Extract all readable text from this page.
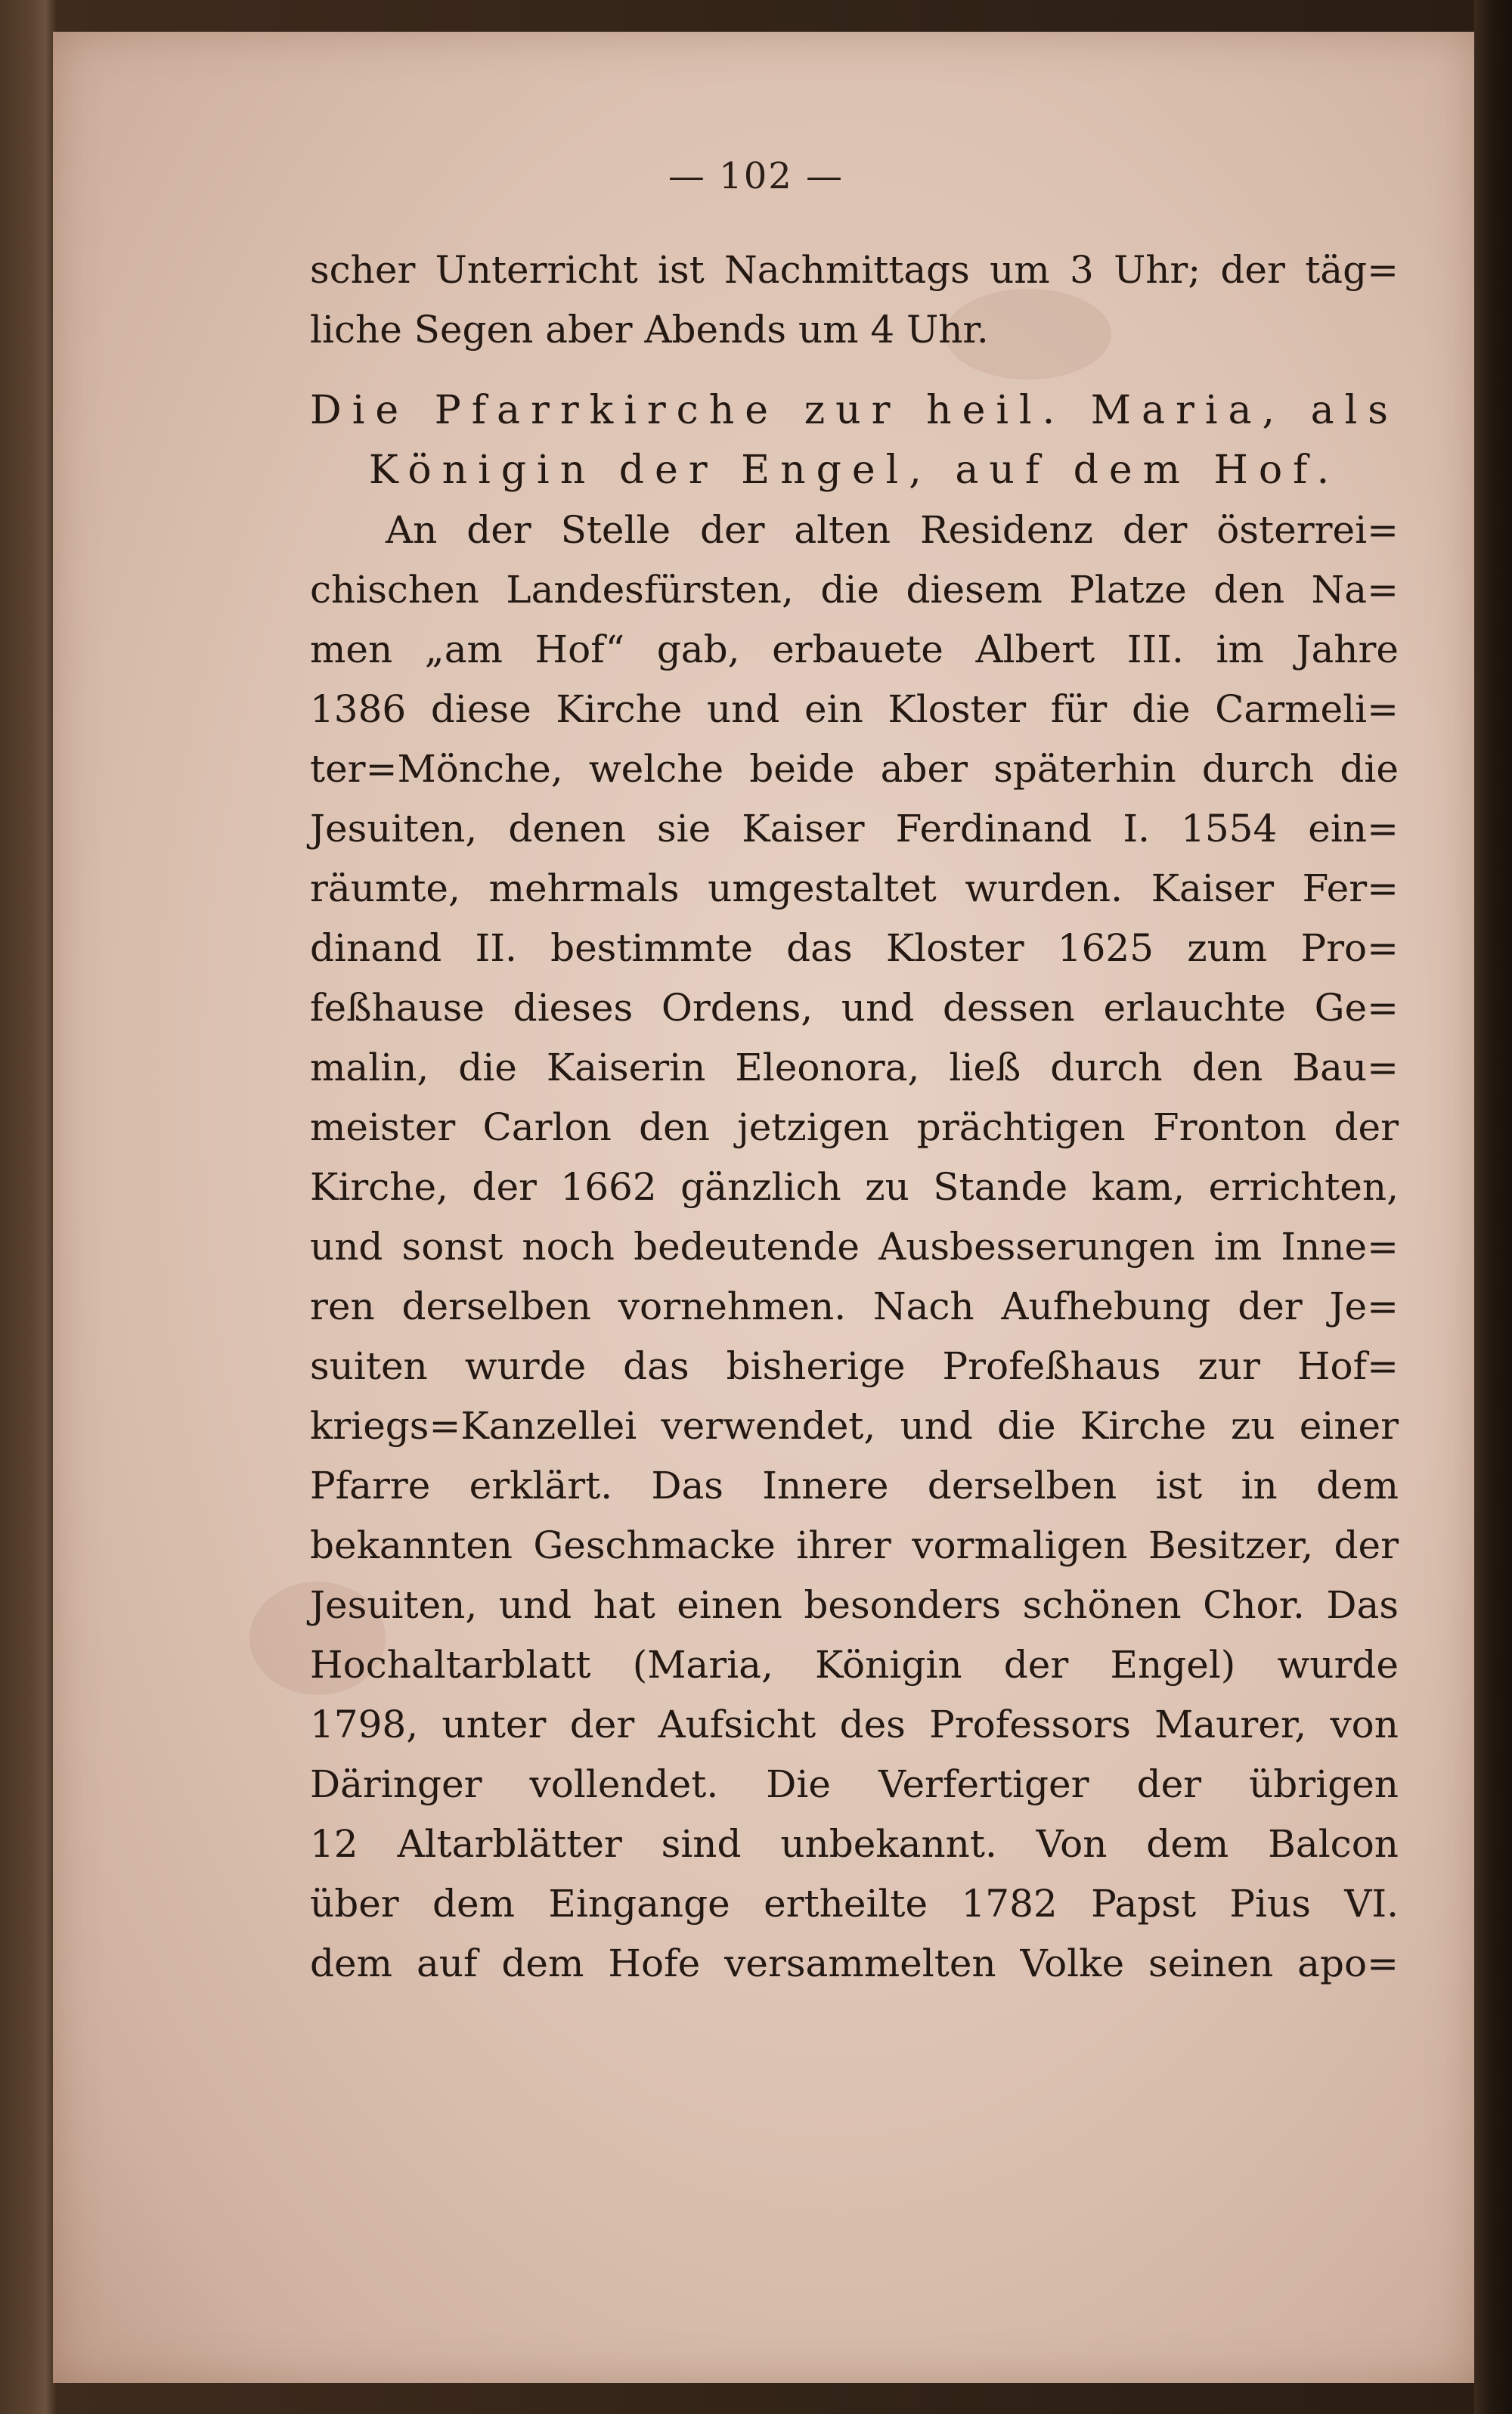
— 102 —
scher Unterricht ist Nachmittags um 3 Uhr; der täg=
liche Segen aber Abends um 4 Uhr.
Die Pfarrkirche zur heil. Maria, als
Königin der Engel, auf dem Hof.
An der Stelle der alten Residenz der österrei=
chischen Landesfürsten, die diesem Platze den Na=
men „am Hof“ gab, erbauete Albert III. im Jahre
1386 diese Kirche und ein Kloster für die Carmeli=
ter=Mönche, welche beide aber späterhin durch die
Jesuiten, denen sie Kaiser Ferdinand I. 1554 ein=
räumte, mehrmals umgestaltet wurden. Kaiser Fer=
dinand II. bestimmte das Kloster 1625 zum Pro=
feßhause dieses Ordens, und dessen erlauchte Ge=
malin, die Kaiserin Eleonora, ließ durch den Bau=
meister Carlon den jetzigen prächtigen Fronton der
Kirche, der 1662 gänzlich zu Stande kam, errichten,
und sonst noch bedeutende Ausbesserungen im Inne=
ren derselben vornehmen. Nach Aufhebung der Je=
suiten wurde das bisherige Profeßhaus zur Hof=
kriegs=Kanzellei verwendet, und die Kirche zu einer
Pfarre erklärt. Das Innere derselben ist in dem
bekannten Geschmacke ihrer vormaligen Besitzer, der
Jesuiten, und hat einen besonders schönen Chor. Das
Hochaltarblatt (Maria, Königin der Engel) wurde
1798, unter der Aufsicht des Professors Maurer, von
Däringer vollendet. Die Verfertiger der übrigen
12 Altarblätter sind unbekannt. Von dem Balcon
über dem Eingange ertheilte 1782 Papst Pius VI.
dem auf dem Hofe versammelten Volke seinen apo=
